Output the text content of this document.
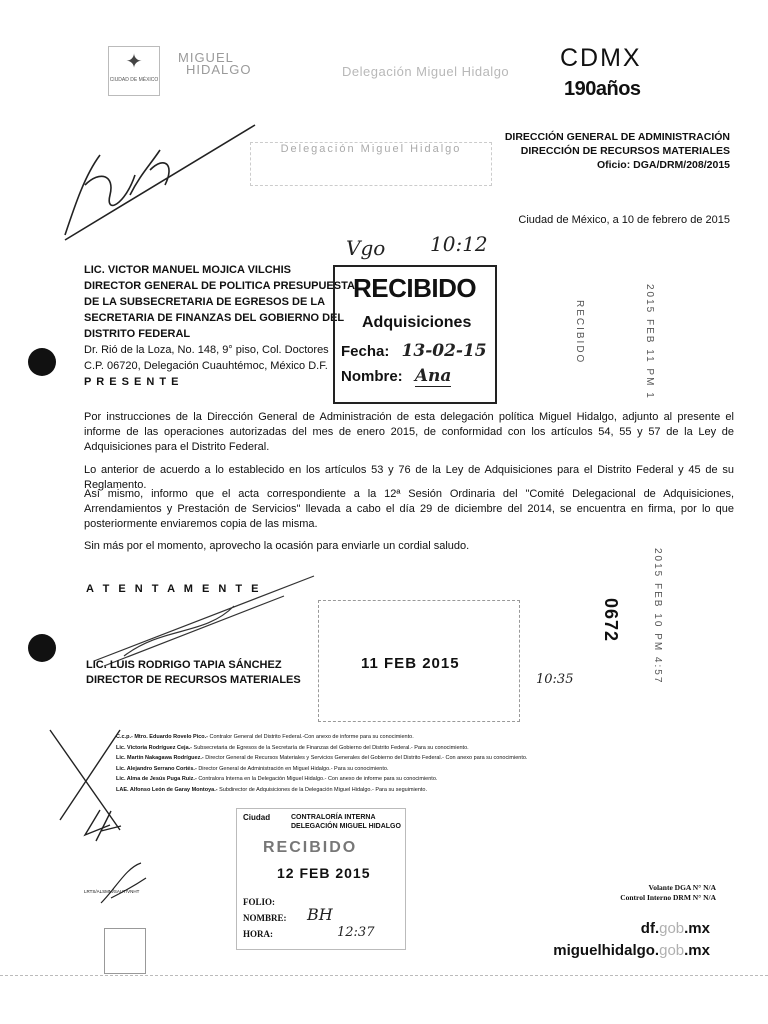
✦
CIUDAD DE MÉXICO
MIGUEL
HIDALGO	Delegación Miguel Hidalgo CDMX
190años
DIRECCIÓN GENERAL DE ADMINISTRACIÓN
DIRECCIÓN DE RECURSOS MATERIALES
Oficio: DGA/DRM/208/2015
Ciudad de México, a 10 de febrero de 2015
Delegación Miguel Hidalgo
LIC. VICTOR MANUEL MOJICA VILCHIS
DIRECTOR GENERAL DE POLITICA PRESUPUESTAL
DE LA SUBSECRETARIA DE EGRESOS DE LA
SECRETARIA DE FINANZAS DEL GOBIERNO DEL
DISTRITO FEDERAL
Dr. Rió de la Loza, No. 148, 9° piso, Col. Doctores
C.P. 06720, Delegación Cuauhtémoc, México D.F.
P R E S E N T E
RECIBIDO
Adquisiciones
Fecha: 13-02-15
Nombre: Ana
Vgo 10:12
2015 FEB 11 PM 1
RECIBIDO
2015 FEB 10 PM 4:57
Por instrucciones de la Dirección General de Administración de esta delegación política Miguel Hidalgo, adjunto al presente el informe de las operaciones autorizadas del mes de enero 2015, de conformidad con los artículos 54, 55 y 57 de la Ley de Adquisiciones para el Distrito Federal.
Lo anterior de acuerdo a lo establecido en los artículos 53 y 76 de la Ley de Adquisiciones para el Distrito Federal y 45 de su Reglamento.
Así mismo, informo que el acta correspondiente a la 12ª Sesión Ordinaria del "Comité Delegacional de Adquisiciones, Arrendamientos y Prestación de Servicios" llevada a cabo el día 29 de diciembre del 2014, se encuentra en firma, por lo que posteriormente enviaremos copia de las misma.
Sin más por el momento, aprovecho la ocasión para enviarle un cordial saludo.
A T E N T A M E N T E
LIC. LUIS RODRIGO TAPIA SÁNCHEZ
DIRECTOR DE RECURSOS MATERIALES
11 FEB 2015
10:35
0672
C.c.p.- Mtro. Eduardo Rovelo Pico.- Contralor General del Distrito Federal.-Con anexo de informe para su conocimiento.
Lic. Victoria Rodríguez Ceja.- Subsecretaria de Egresos de la Secretaría de Finanzas del Gobierno del Distrito Federal.- Para su conocimiento.
Lic. Martín Nakagawa Rodríguez.- Director General de Recursos Materiales y Servicios Generales del Gobierno del Distrito Federal.- Con anexo para su conocimiento.
Lic. Alejandro Serrano Cortés.- Director General de Administración en Miguel Hidalgo.- Para su conocimiento.
Lic. Alma de Jesús Puga Ruiz.- Contralora Interna en la Delegación Miguel Hidalgo.- Con anexo de informe para su conocimiento.
LAE. Alfonso León de Garay Montoya.- Subdirector de Adquisiciones de la Delegación Miguel Hidalgo.- Para su seguimiento.
CONTRALORÍA INTERNA
DELEGACIÓN MIGUEL HIDALGO
Ciudad
RECIBIDO
12 FEB 2015
FOLIO:
NOMBRE:
HORA:
BH
12:37
LRTS/ALSMM/SAUT/VNHT	Volante DGA N° N/A
Control Interno DRM N° N/A
df.gob.mx
miguelhidalgo.gob.mx
